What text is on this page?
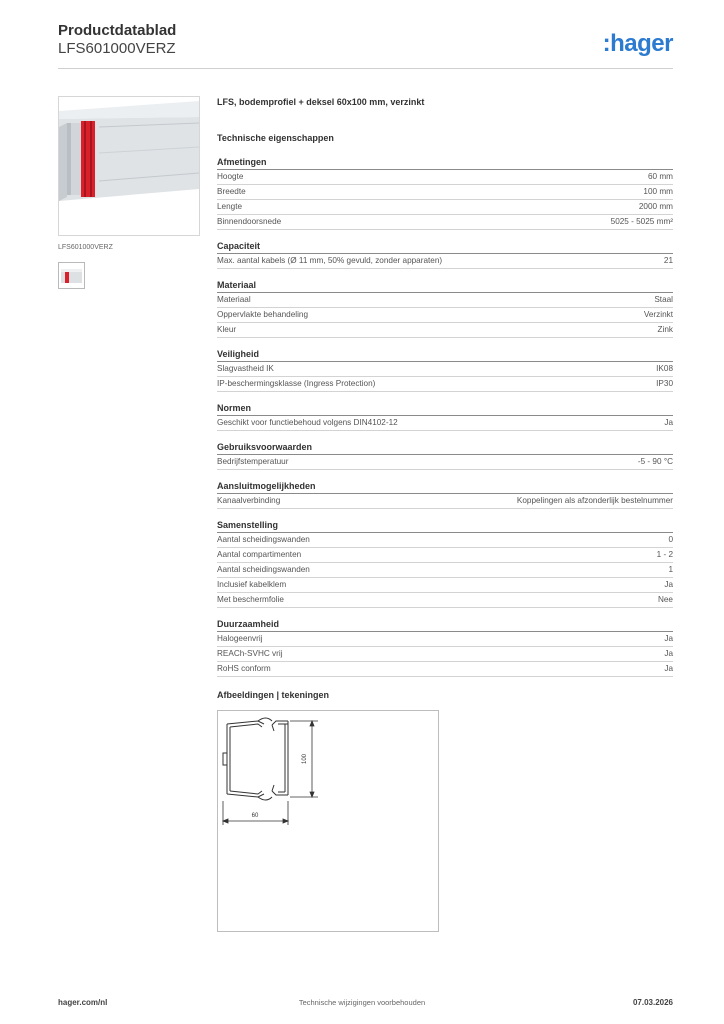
Productdatablad
LFS601000VERZ	:hager
LFS601000VERZ
LFS, bodemprofiel + deksel 60x100 mm, verzinkt
Technische eigenschappen
Afmetingen
Hoogte	60 mm
Breedte	100 mm
Lengte	2000 mm
Binnendoorsnede	5025 - 5025 mm²
Capaciteit
Max. aantal kabels (Ø 11 mm, 50% gevuld, zonder apparaten)	21
Materiaal
Materiaal	Staal
Oppervlakte behandeling	Verzinkt
Kleur	Zink
Veiligheid
Slagvastheid IK	IK08
IP-beschermingsklasse (Ingress Protection)	IP30
Normen
Geschikt voor functiebehoud volgens DIN4102-12	Ja
Gebruiksvoorwaarden
Bedrijfstemperatuur	-5 - 90 °C
Aansluitmogelijkheden
Kanaalverbinding	Koppelingen als afzonderlijk bestelnummer
Samenstelling
Aantal scheidingswanden	0
Aantal compartimenten	1 - 2
Aantal scheidingswanden	1
Inclusief kabelklem	Ja
Met beschermfolie	Nee
Duurzaamheid
Halogeenvrij	Ja
REACh-SVHC vrij	Ja
RoHS conform	Ja
Afbeeldingen | tekeningen
100
60
hager.com/nl	Technische wijzigingen voorbehouden	07.03.2026
